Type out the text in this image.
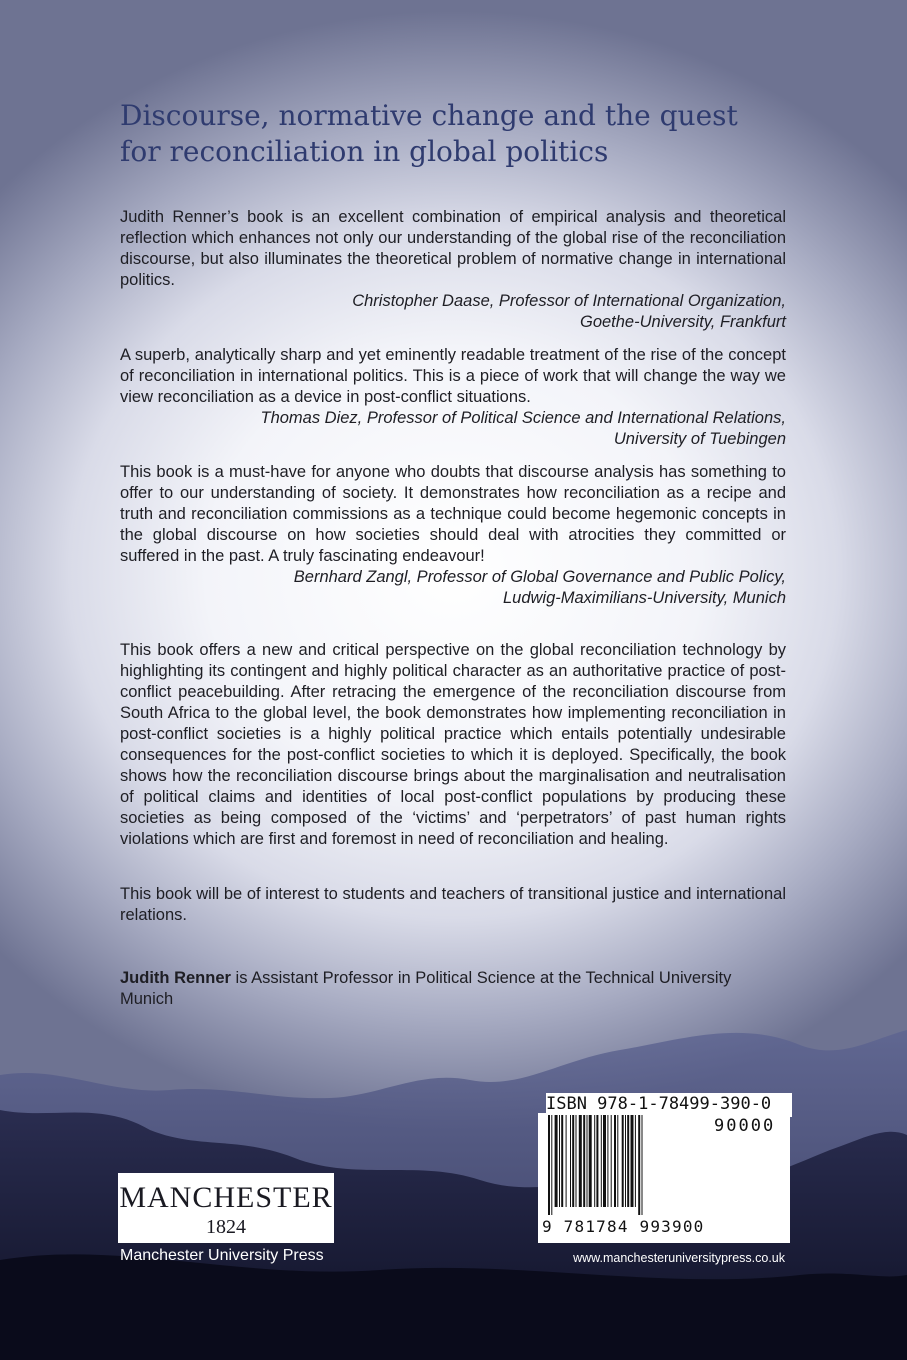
Discourse, normative change and the quest
for reconciliation in global politics

Judith Renner’s book is an excellent combination of empirical analysis and theoretical reflection which enhances not only our understanding of the global rise of the reconciliation discourse, but also illuminates the theoretical problem of normative change in international politics.

Christopher Daase, Professor of International Organization,
Goethe-University, Frankfurt

A superb, analytically sharp and yet eminently readable treatment of the rise of the concept of reconciliation in international politics. This is a piece of work that will change the way we view reconciliation as a device in post-conflict situations.

Thomas Diez, Professor of Political Science and International Relations,
University of Tuebingen

This book is a must-have for anyone who doubts that discourse analysis has something to offer to our understanding of society. It demonstrates how reconciliation as a recipe and truth and reconciliation commissions as a technique could become hegemonic concepts in the global discourse on how societies should deal with atrocities they committed or suffered in the past. A truly fascinating endeavour!

Bernhard Zangl, Professor of Global Governance and Public Policy,
Ludwig-Maximilians-University, Munich

This book offers a new and critical perspective on the global reconciliation technology by highlighting its contingent and highly political character as an authoritative practice of post-conflict peacebuilding. After retracing the emergence of the reconciliation discourse from South Africa to the global level, the book demonstrates how implementing reconciliation in post-conflict societies is a highly political practice which entails potentially undesirable consequences for the post-conflict societies to which it is deployed. Specifically, the book shows how the reconciliation discourse brings about the marginalisation and neutralisation of political claims and identities of local post-conflict populations by producing these societies as being composed of the ‘victims’ and ‘perpetrators’ of past human rights violations which are first and foremost in need of reconciliation and healing.

This book will be of interest to students and teachers of transitional justice and international relations.

Judith Renner is Assistant Professor in Political Science at the Technical University Munich
MANCHESTER
1824
Manchester University Press
ISBN 978-1-78499-390-0
90000
9 781784 993900
www.manchesteruniversitypress.co.uk
